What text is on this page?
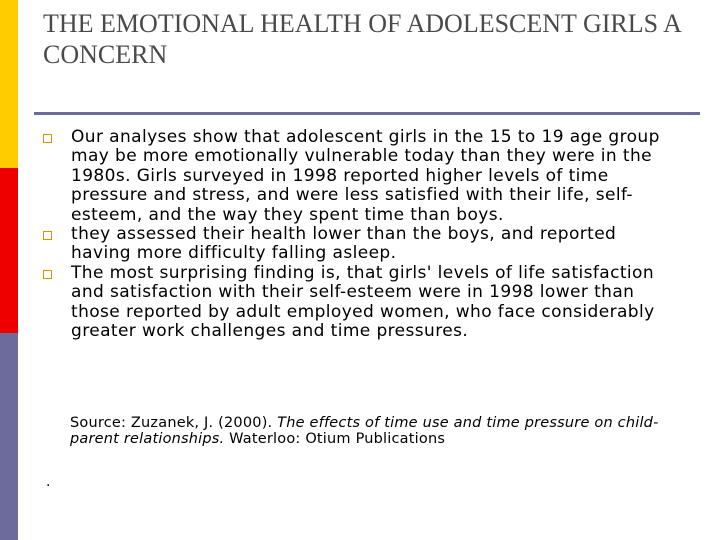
THE EMOTIONAL HEALTH OF ADOLESCENT GIRLS A CONCERN
Our analyses show that adolescent girls in the 15 to 19 age group may be more emotionally vulnerable today than they were in the 1980s. Girls surveyed in 1998 reported higher levels of time pressure and stress, and were less satisfied with their life, self-esteem, and the way they spent time than boys.
they assessed their health lower than the boys, and reported having more difficulty falling asleep.
The most surprising finding is, that girls' levels of life satisfaction and satisfaction with their self-esteem were in 1998 lower than those reported by adult employed women, who face considerably greater work challenges and time pressures.

Source: Zuzanek, J. (2000). The effects of time use and time pressure on child-parent relationships. Waterloo: Otium Publications

.
